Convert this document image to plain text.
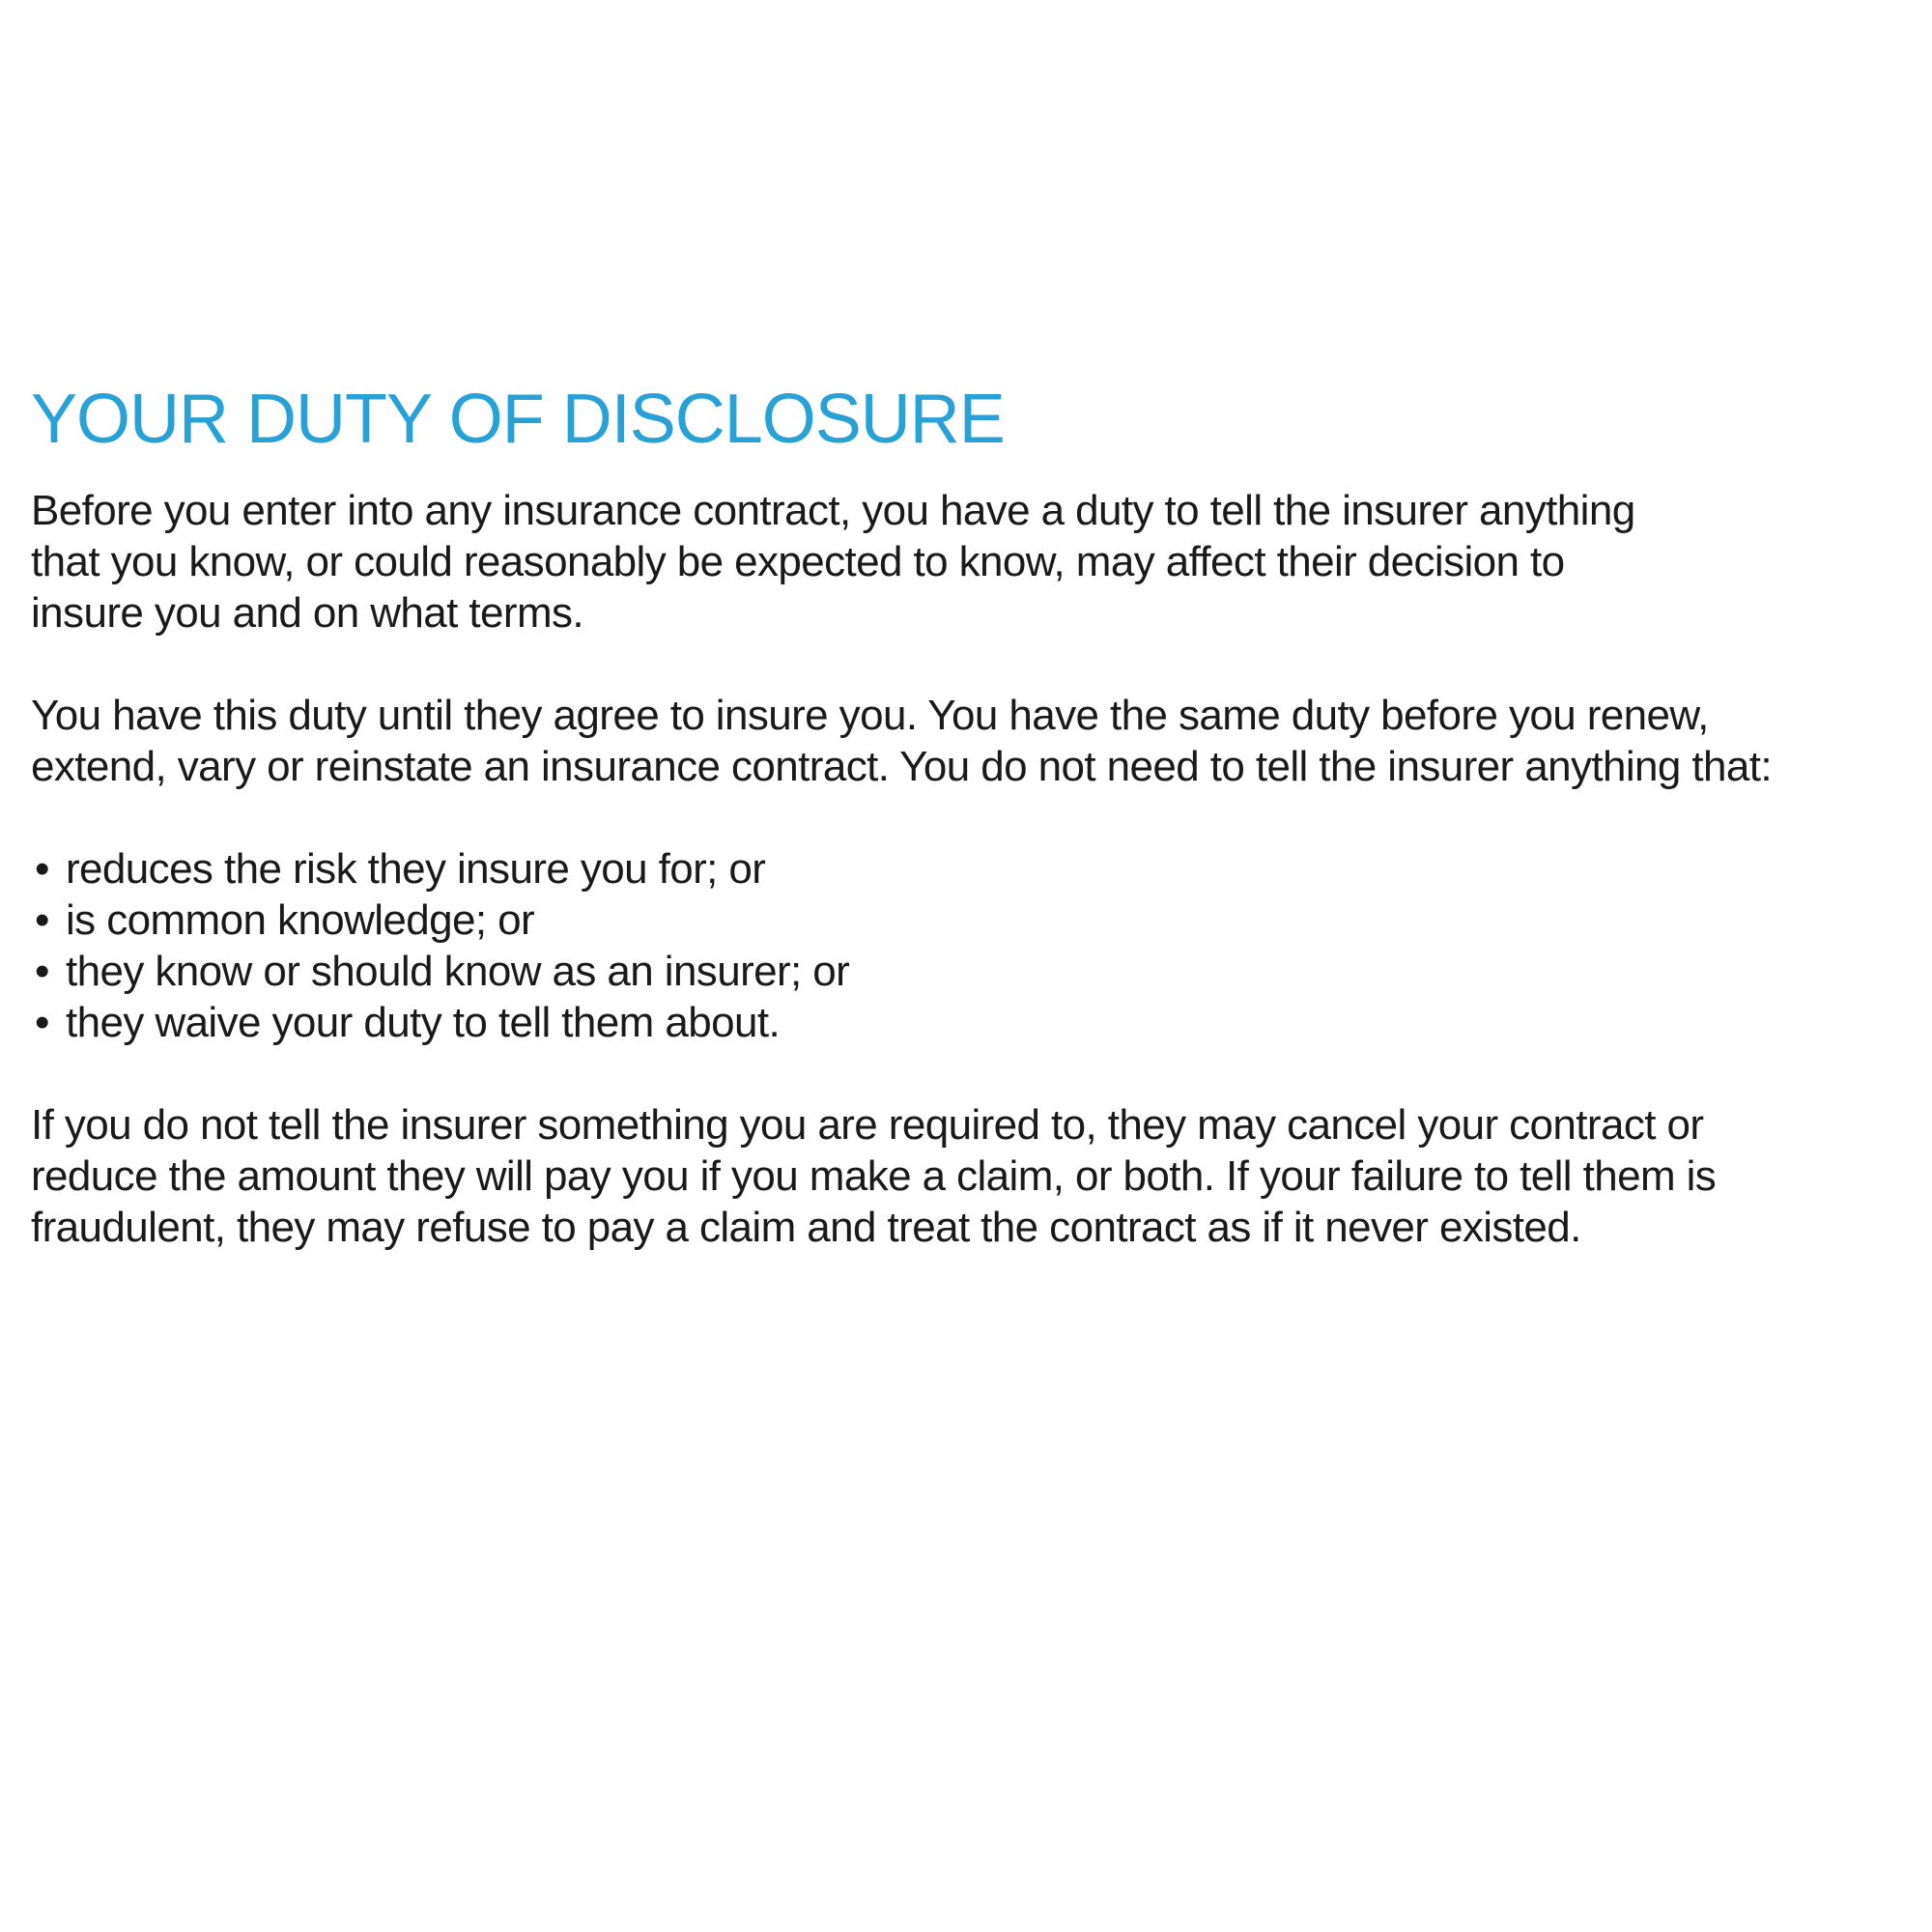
YOUR DUTY OF DISCLOSURE

Before you enter into any insurance contract, you have a duty to tell the insurer anything
that you know, or could reasonably be expected to know, may affect their decision to
insure you and on what terms.

You have this duty until they agree to insure you. You have the same duty before you renew,
extend, vary or reinstate an insurance contract. You do not need to tell the insurer anything that:

• reduces the risk they insure you for; or
• is common knowledge; or
• they know or should know as an insurer; or
• they waive your duty to tell them about.

If you do not tell the insurer something you are required to, they may cancel your contract or
reduce the amount they will pay you if you make a claim, or both. If your failure to tell them is
fraudulent, they may refuse to pay a claim and treat the contract as if it never existed.
